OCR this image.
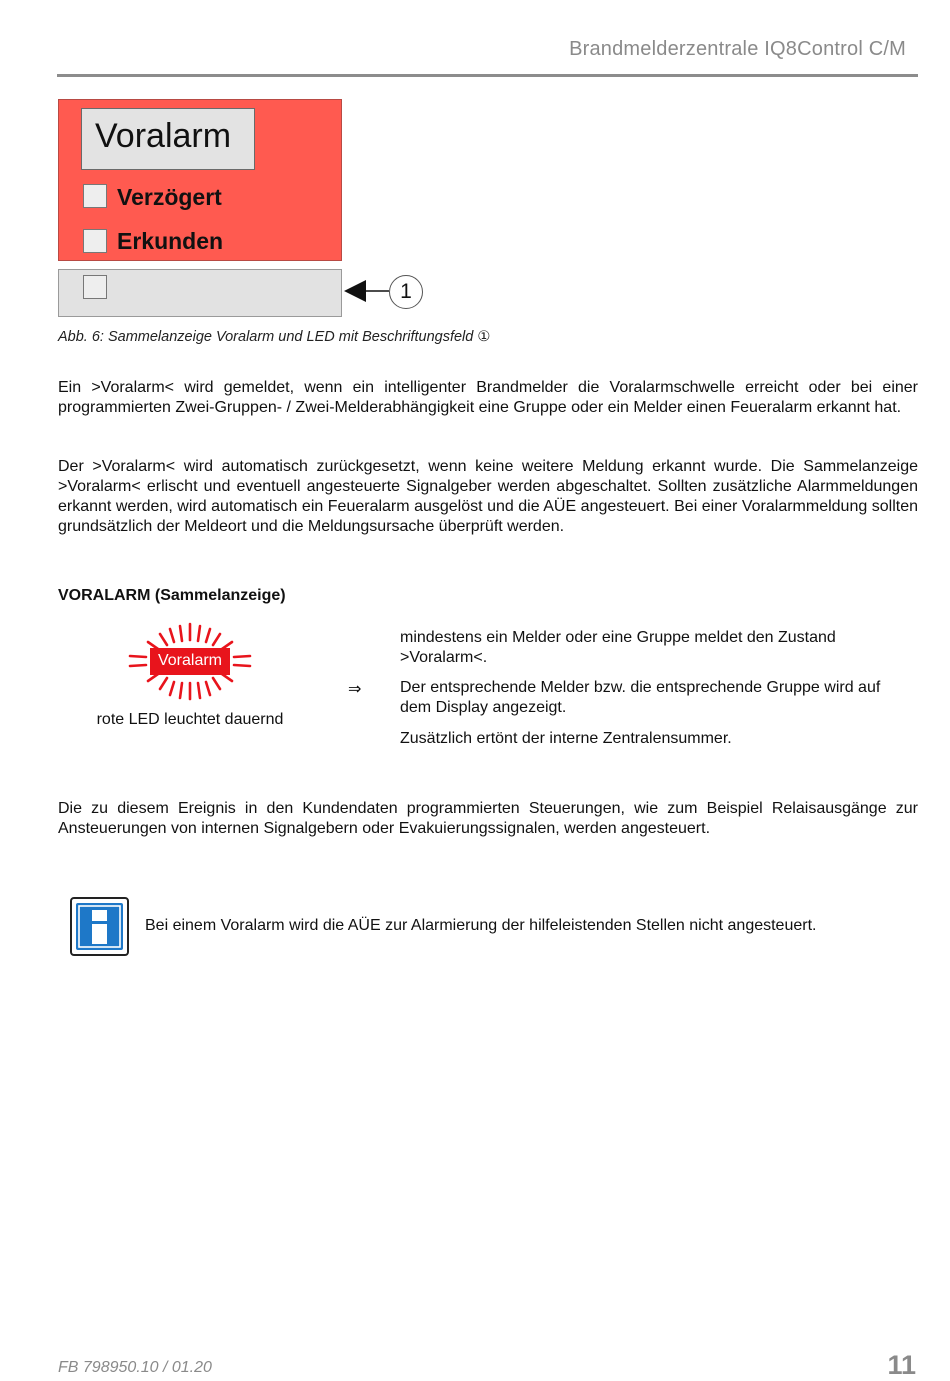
Brandmelderzentrale IQ8Control C/M
Voralarm
Verzögert
Erkunden
1
Abb. 6: Sammelanzeige Voralarm und LED mit Beschriftungsfeld ①

Ein >Voralarm< wird gemeldet, wenn ein intelligenter Brandmelder die Voralarmschwelle erreicht oder bei einer programmierten Zwei-Gruppen- / Zwei-Melderabhängigkeit eine Gruppe oder ein Melder einen Feueralarm erkannt hat.

Der >Voralarm< wird automatisch zurückgesetzt, wenn keine weitere Meldung erkannt wurde. Die Sammelanzeige >Voralarm< erlischt und eventuell angesteuerte Signalgeber werden abgeschaltet. Sollten zusätzliche Alarmmeldungen erkannt werden, wird automatisch ein Feueralarm ausgelöst und die AÜE angesteuert. Bei einer Voralarmmeldung sollten grundsätzlich der Meldeort und die Meldungsursache überprüft werden.

VORALARM (Sammelanzeige)
Voralarm
rote LED leuchtet dauernd
⇒

mindestens ein Melder oder eine Gruppe meldet den Zustand >Voralarm<.

Der entsprechende Melder bzw. die entsprechende Gruppe wird auf dem Display angezeigt.

Zusätzlich ertönt der interne Zentralensummer.

Die zu diesem Ereignis in den Kundendaten programmierten Steuerungen, wie zum Beispiel Relaisausgänge zur Ansteuerungen von internen Signalgebern oder Evakuierungssignalen, werden angesteuert.

Bei einem Voralarm wird die AÜE zur Alarmierung der hilfeleistenden Stellen nicht angesteuert.
FB 798950.10 / 01.20	11
